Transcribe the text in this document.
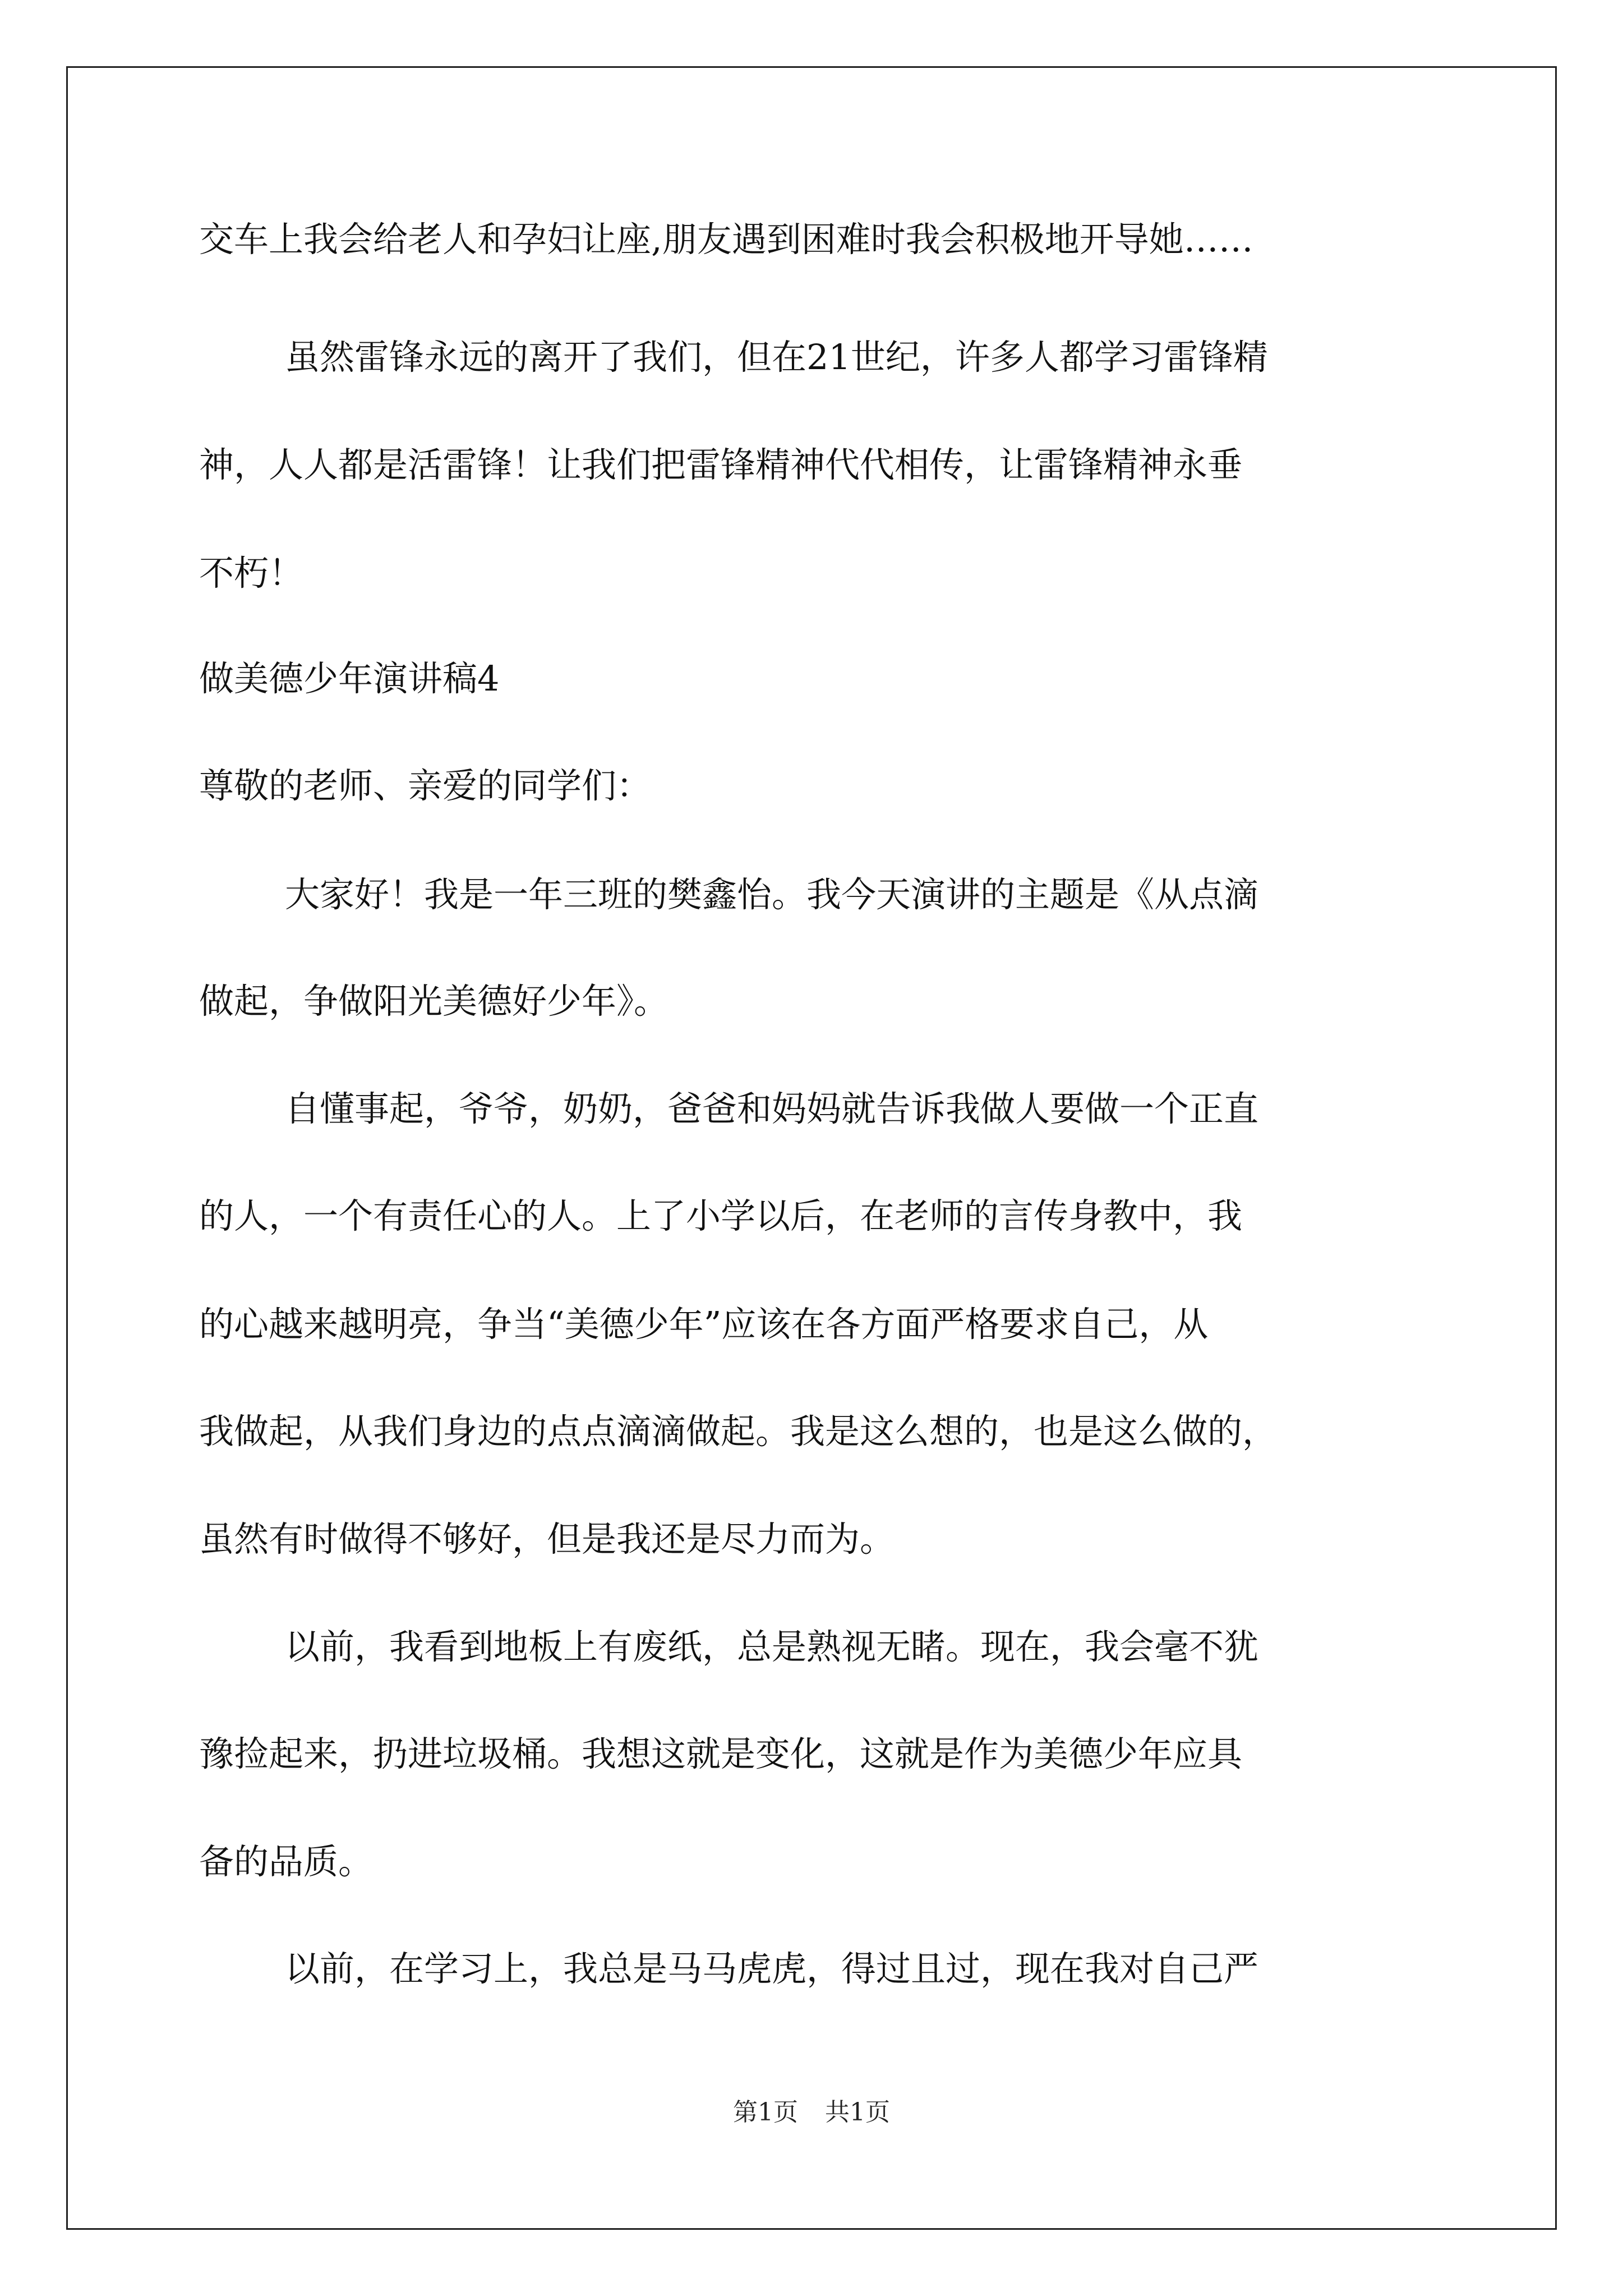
交车上我会给老人和孕妇让座,朋友遇到困难时我会积极地开导她……
虽然雷锋永远的离开了我们，但在21世纪，许多人都学习雷锋精
神，人人都是活雷锋！让我们把雷锋精神代代相传，让雷锋精神永垂
不朽！
做美德少年演讲稿4
尊敬的老师、亲爱的同学们：
大家好！我是一年三班的樊鑫怡。我今天演讲的主题是《从点滴
做起，争做阳光美德好少年》。
自懂事起，爷爷，奶奶，爸爸和妈妈就告诉我做人要做一个正直
的人，一个有责任心的人。上了小学以后，在老师的言传身教中，我
的心越来越明亮，争当“美德少年”应该在各方面严格要求自己，从
我做起，从我们身边的点点滴滴做起。我是这么想的，也是这么做的，
虽然有时做得不够好，但是我还是尽力而为。
以前，我看到地板上有废纸，总是熟视无睹。现在，我会毫不犹
豫捡起来，扔进垃圾桶。我想这就是变化，这就是作为美德少年应具
备的品质。
以前，在学习上，我总是马马虎虎，得过且过，现在我对自己严
第1页 共1页
